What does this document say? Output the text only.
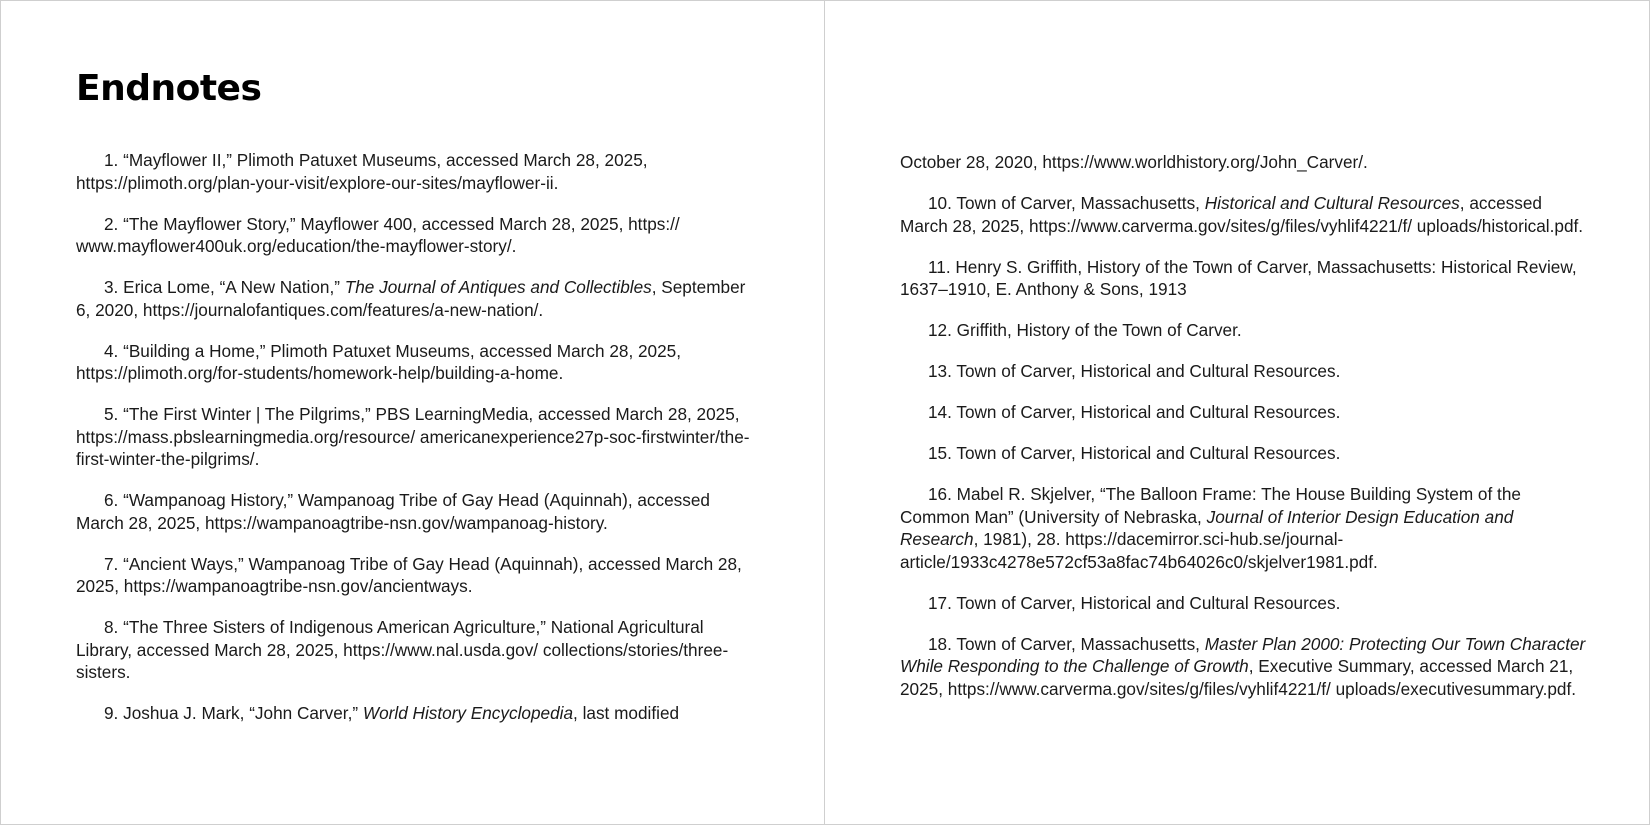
Endnotes

1. “Mayflower II,” Plimoth Patuxet Museums, accessed March 28, 2025, https://plimoth.org/plan-your-visit/explore-our-sites/mayflower-ii.

2. “The Mayflower Story,” Mayflower 400, accessed March 28, 2025, https:// www.mayflower400uk.org/education/the-mayflower-story/.

3. Erica Lome, “A New Nation,” The Journal of Antiques and Collectibles, September 6, 2020, https://journalofantiques.com/features/a-new-nation/.

4. “Building a Home,” Plimoth Patuxet Museums, accessed March 28, 2025, https://plimoth.org/for-students/homework-help/building-a-home.

5. “The First Winter | The Pilgrims,” PBS LearningMedia, accessed March 28, 2025, https://mass.pbslearningmedia.org/resource/ americanexperience27p-soc-firstwinter/the-first-winter-the-pilgrims/.

6. “Wampanoag History,” Wampanoag Tribe of Gay Head (Aquinnah), accessed March 28, 2025, https://wampanoagtribe-nsn.gov/wampanoag-history.

7. “Ancient Ways,” Wampanoag Tribe of Gay Head (Aquinnah), accessed March 28, 2025, https://wampanoagtribe-nsn.gov/ancientways.

8. “The Three Sisters of Indigenous American Agriculture,” National Agricultural Library, accessed March 28, 2025, https://www.nal.usda.gov/ collections/stories/three-sisters.

9. Joshua J. Mark, “John Carver,” World History Encyclopedia, last modified

October 28, 2020, https://www.worldhistory.org/John_Carver/.

10. Town of Carver, Massachusetts, Historical and Cultural Resources, accessed March 28, 2025, https://www.carverma.gov/sites/g/files/vyhlif4221/f/ uploads/historical.pdf.

11. Henry S. Griffith, History of the Town of Carver, Massachusetts: Historical Review, 1637–1910, E. Anthony & Sons, 1913

12. Griffith, History of the Town of Carver.

13. Town of Carver, Historical and Cultural Resources.

14. Town of Carver, Historical and Cultural Resources.

15. Town of Carver, Historical and Cultural Resources.

16. Mabel R. Skjelver, “The Balloon Frame: The House Building System of the Common Man” (University of Nebraska, Journal of Interior Design Education and Research, 1981), 28. https://dacemirror.sci-hub.se/journal-article/1933c4278e572cf53a8fac74b64026c0/skjelver1981.pdf.

17. Town of Carver, Historical and Cultural Resources.

18. Town of Carver, Massachusetts, Master Plan 2000: Protecting Our Town Character While Responding to the Challenge of Growth, Executive Summary, accessed March 21, 2025, https://www.carverma.gov/sites/g/files/vyhlif4221/f/ uploads/executivesummary.pdf.
